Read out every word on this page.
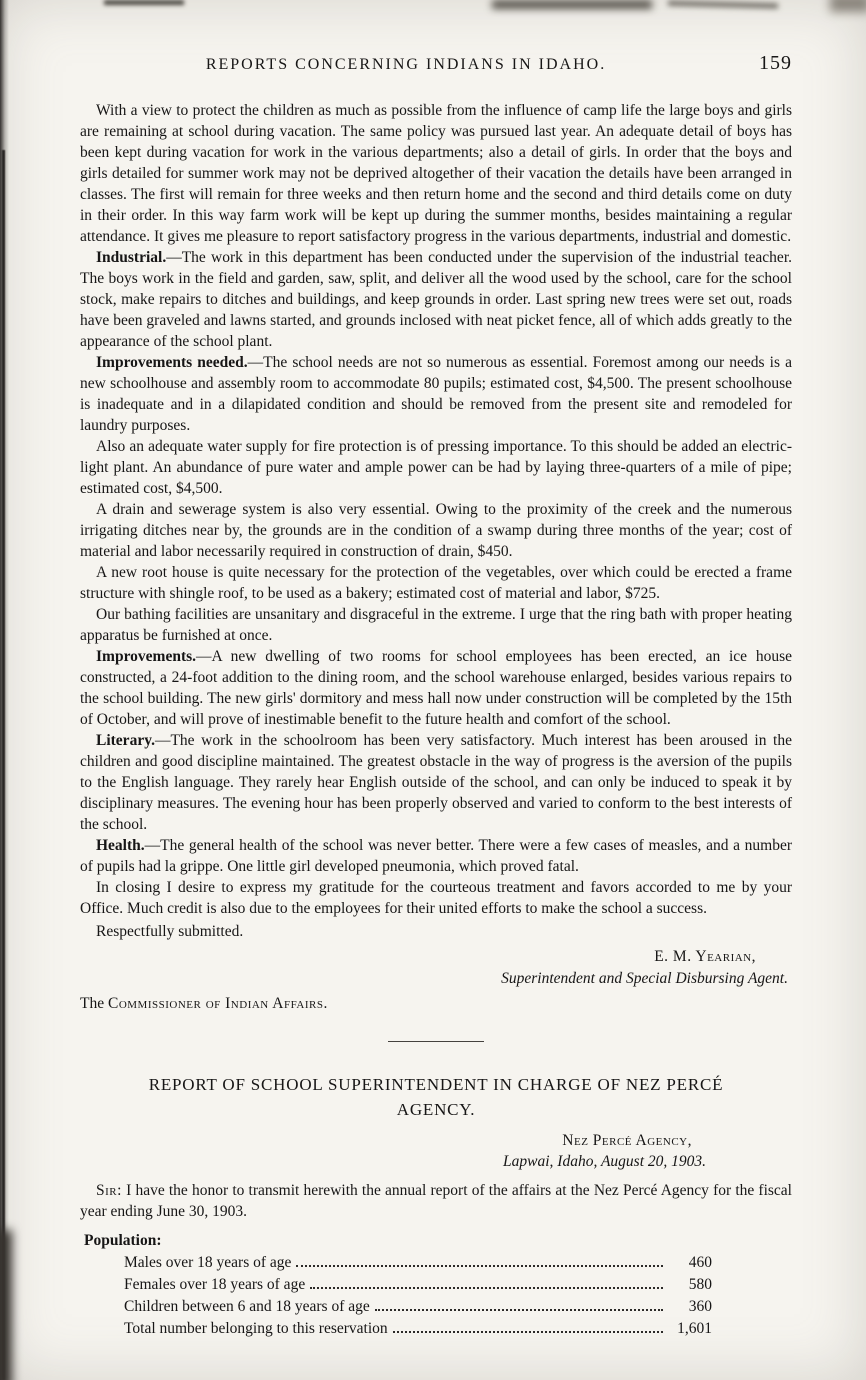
REPORTS CONCERNING INDIANS IN IDAHO.	159

With a view to protect the children as much as possible from the influence of camp life the large boys and girls are remaining at school during vacation. The same policy was pursued last year. An adequate detail of boys has been kept during vacation for work in the various departments; also a detail of girls. In order that the boys and girls detailed for summer work may not be deprived altogether of their vacation the details have been arranged in classes. The first will remain for three weeks and then return home and the second and third details come on duty in their order. In this way farm work will be kept up during the summer months, besides maintaining a regular attendance. It gives me pleasure to report satisfactory progress in the various departments, industrial and domestic.

Industrial.—The work in this department has been conducted under the supervision of the industrial teacher. The boys work in the field and garden, saw, split, and deliver all the wood used by the school, care for the school stock, make repairs to ditches and buildings, and keep grounds in order. Last spring new trees were set out, roads have been graveled and lawns started, and grounds inclosed with neat picket fence, all of which adds greatly to the appearance of the school plant.

Improvements needed.—The school needs are not so numerous as essential. Foremost among our needs is a new schoolhouse and assembly room to accommodate 80 pupils; estimated cost, $4,500. The present schoolhouse is inadequate and in a dilapidated condition and should be removed from the present site and remodeled for laundry purposes.

Also an adequate water supply for fire protection is of pressing importance. To this should be added an electric-light plant. An abundance of pure water and ample power can be had by laying three-quarters of a mile of pipe; estimated cost, $4,500.

A drain and sewerage system is also very essential. Owing to the proximity of the creek and the numerous irrigating ditches near by, the grounds are in the condition of a swamp during three months of the year; cost of material and labor necessarily required in construction of drain, $450.

A new root house is quite necessary for the protection of the vegetables, over which could be erected a frame structure with shingle roof, to be used as a bakery; estimated cost of material and labor, $725.

Our bathing facilities are unsanitary and disgraceful in the extreme. I urge that the ring bath with proper heating apparatus be furnished at once.

Improvements.—A new dwelling of two rooms for school employees has been erected, an ice house constructed, a 24-foot addition to the dining room, and the school warehouse enlarged, besides various repairs to the school building. The new girls' dormitory and mess hall now under construction will be completed by the 15th of October, and will prove of inestimable benefit to the future health and comfort of the school.

Literary.—The work in the schoolroom has been very satisfactory. Much interest has been aroused in the children and good discipline maintained. The greatest obstacle in the way of progress is the aversion of the pupils to the English language. They rarely hear English outside of the school, and can only be induced to speak it by disciplinary measures. The evening hour has been properly observed and varied to conform to the best interests of the school.

Health.—The general health of the school was never better. There were a few cases of measles, and a number of pupils had la grippe. One little girl developed pneumonia, which proved fatal.

In closing I desire to express my gratitude for the courteous treatment and favors accorded to me by your Office. Much credit is also due to the employees for their united efforts to make the school a success.

Respectfully submitted.

E. M. Yearian,
Superintendent and Special Disbursing Agent.
The Commissioner of Indian Affairs.
REPORT OF SCHOOL SUPERINTENDENT IN CHARGE OF NEZ PERCÉ AGENCY.
Nez Percé Agency,
Lapwai, Idaho, August 20, 1903.

Sir: I have the honor to transmit herewith the annual report of the affairs at the Nez Percé Agency for the fiscal year ending June 30, 1903.

Population:
Males over 18 years of age	460
Females over 18 years of age	580
Children between 6 and 18 years of age	360
Total number belonging to this reservation	1,601
